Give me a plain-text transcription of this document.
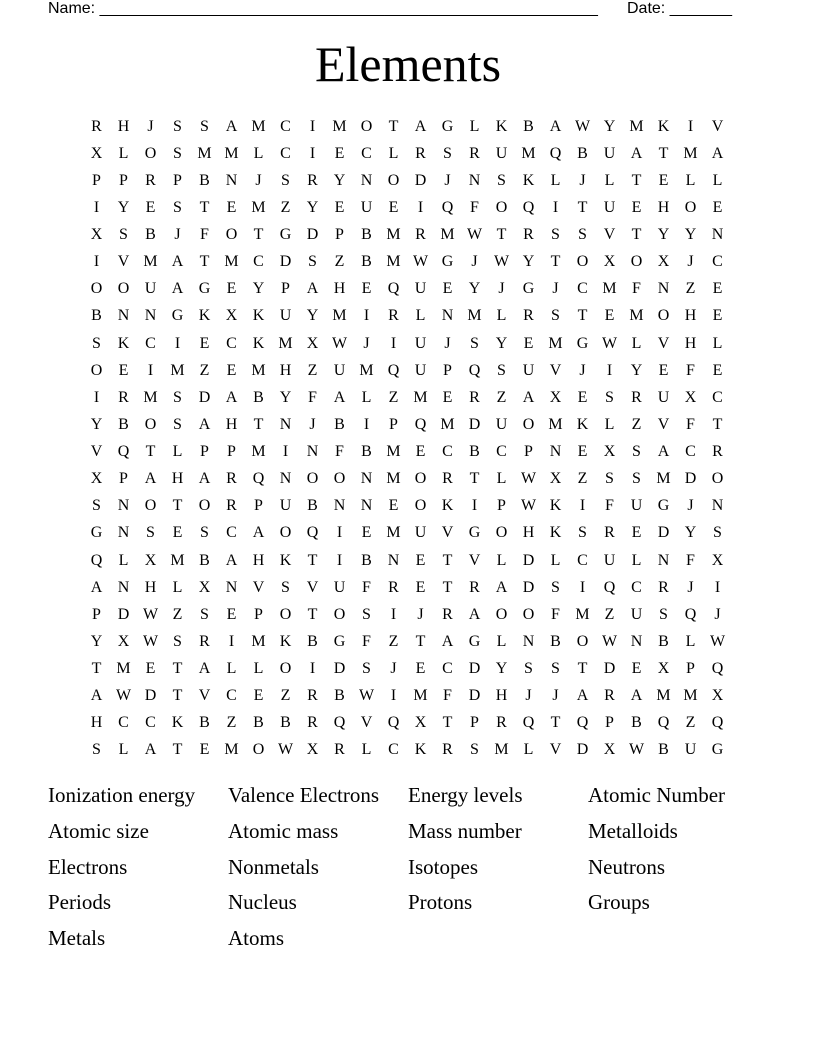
Name: ________________________________________________________ Date: _______
Elements
R H	J	S	S	A M C	I	M O	T	A G	L	K B A W Y M K	I	V
X	L	O	S M M L	C	I	E	C	L	R	S	R U M Q B U A	T M A
P	P	R	P	B N	J	S	R Y N O D	J	N	S	K	L	J	L	T	E	L	L
I	Y	E	S	T	E M Z	Y	E	U	E	I	Q	F	O Q	I	T	U	E	H O	E
X	S	B	J	F	O	T	G D	P	B M R M W T	R	S	S	V	T	Y Y N
I	V M A	T M C D	S	Z	B M W G	J	W Y	T	O X O X	J	C
O O U A G	E	Y	P	A H	E	Q U	E	Y	J	G	J	C M F	N	Z	E
B N N G K X K U Y M	I	R	L	N M L	R	S	T	E M O H	E
S	K C	I	E	C K M X W	J	I	U	J	S	Y	E M G W L	V H	L
O	E	I	M Z	E M H	Z	U M Q U	P	Q	S	U V	J	I	Y	E	F	E
I	R M S	D A B Y	F	A	L	Z M E	R	Z	A X	E	S	R U X C
Y B O	S	A H	T	N	J	B	I	P	Q M D U O M K	L	Z	V	F	T
V Q	T	L	P	P M	I	N	F	B M E	C	B	C	P	N	E	X	S	A C	R
X	P	A H A R Q N O O N M O R	T	L W X	Z	S	S M D O
S	N O	T	O R	P	U B N N	E	O K	I	P W K	I	F	U G	J	N
G N	S	E	S	C A O Q	I	E M U V G O H K	S	R	E	D Y	S
Q	L	X M B A H K	T	I	B N	E	T	V	L	D	L	C U	L	N	F	X
A N H	L	X N V	S	V U	F	R	E	T	R A D	S	I	Q C	R	J	I
P	D W Z	S	E	P	O	T	O	S	I	J	R A O O	F M Z	U	S	Q	J
Y X W S	R	I	M K B G	F	Z	T	A G	L	N B O W N B	L W
T M E	T	A	L	L	O	I	D	S	J	E	C D Y	S	S	T	D	E	X	P	Q
A W D	T	V C	E	Z	R	B W	I	M F	D H	J	J	A R A M M X
H C	C K B	Z	B	B	R Q V Q X	T	P	R Q	T	Q	P	B Q	Z	Q
S	L	A	T	E M O W X R	L	C K R	S M L	V D X W B U G
Ionization energy	Valence Electrons	Energy levels	Atomic Number
Atomic size	Atomic mass	Mass number	Metalloids
Electrons	Nonmetals	Isotopes	Neutrons
Periods	Nucleus	Protons	Groups
Metals	Atoms
